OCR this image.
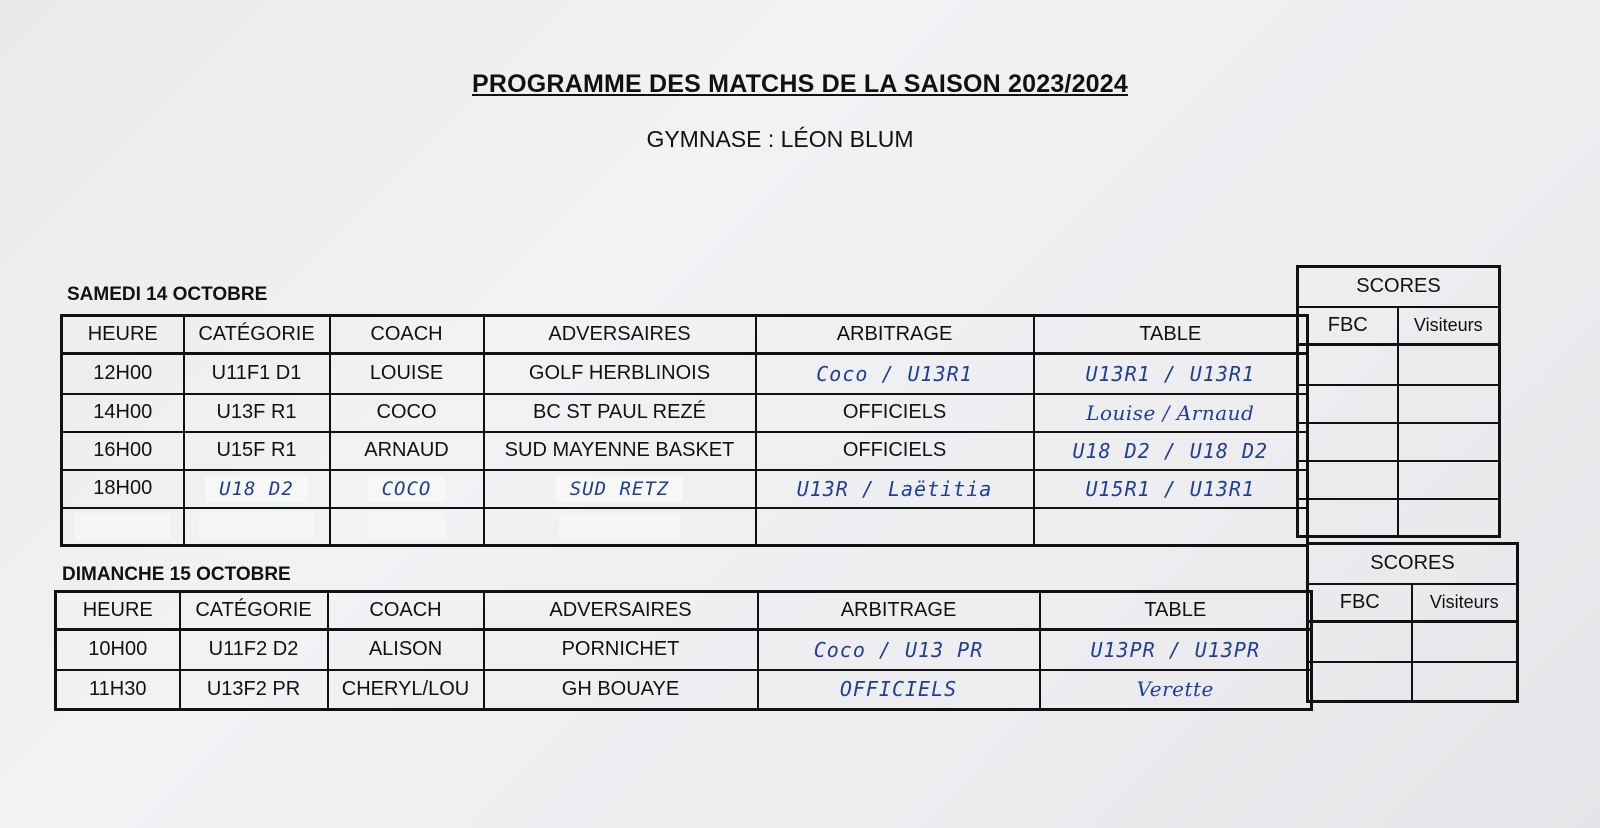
PROGRAMME DES MATCHS DE LA SAISON 2023/2024
GYMNASE : LÉON BLUM
SAMEDI 14 OCTOBRE
HEURE	CATÉGORIE	COACH	ADVERSAIRES	ARBITRAGE	TABLE
12H00	U11F1 D1	LOUISE	GOLF HERBLINOIS	Coco / U13R1	U13R1 / U13R1
14H00	U13F R1	COCO	BC ST PAUL REZÉ	OFFICIELS	Louise / Arnaud
16H00	U15F R1	ARNAUD	SUD MAYENNE BASKET	OFFICIELS	U18 D2 / U18 D2
18H00	U18 D2	COCO	SUD RETZ	U13R / Laëtitia	U15R1 / U13R1

SCORES	
FBC	Visiteurs

DIMANCHE 15 OCTOBRE
HEURE	CATÉGORIE	COACH	ADVERSAIRES	ARBITRAGE	TABLE
10H00	U11F2 D2	ALISON	PORNICHET	Coco / U13 PR	U13PR / U13PR
11H30	U13F2 PR	CHERYL/LOU	GH BOUAYE	OFFICIELS	Verette
SCORES	
FBC	Visiteurs
